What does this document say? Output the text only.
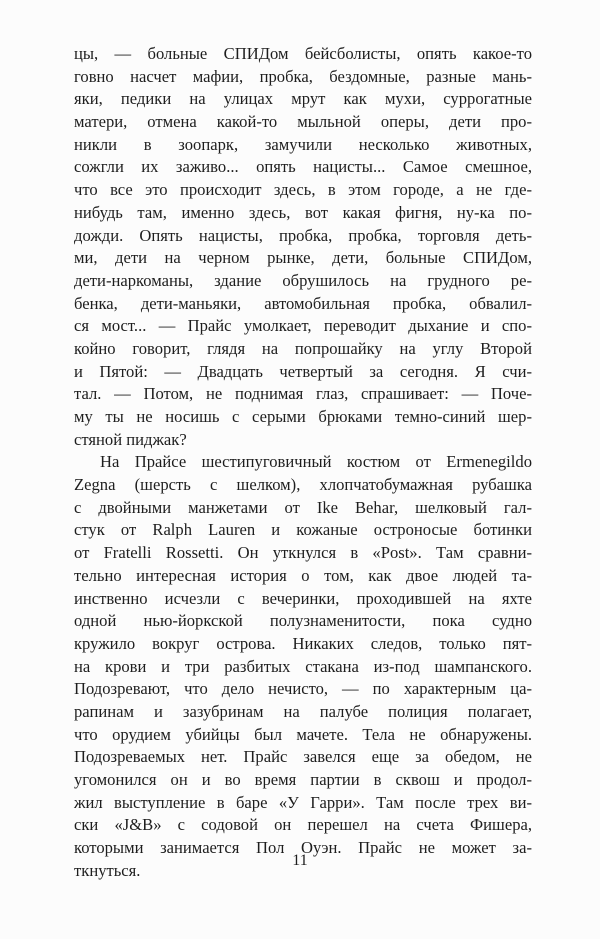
цы, — больные СПИДом бейсболисты, опять какое-то
говно насчет мафии, пробка, бездомные, разные мань-
яки, педики на улицах мрут как мухи, суррогатные
матери, отмена какой-то мыльной оперы, дети про-
никли в зоопарк, замучили несколько животных,
сожгли их заживо... опять нацисты... Самое смешное,
что все это происходит здесь, в этом городе, а не где-
нибудь там, именно здесь, вот какая фигня, ну-ка по-
дожди. Опять нацисты, пробка, пробка, торговля деть-
ми, дети на черном рынке, дети, больные СПИДом,
дети-наркоманы, здание обрушилось на грудного ре-
бенка, дети-маньяки, автомобильная пробка, обвалил-
ся мост... — Прайс умолкает, переводит дыхание и спо-
койно говорит, глядя на попрошайку на углу Второй
и Пятой: — Двадцать четвертый за сегодня. Я счи-
тал. — Потом, не поднимая глаз, спрашивает: — Поче-
му ты не носишь с серыми брюками темно-синий шер-
стяной пиджак?
На Прайсе шестипуговичный костюм от Ermenegildo
Zegna (шерсть с шелком), хлопчатобумажная рубашка
с двойными манжетами от Ike Behar, шелковый гал-
стук от Ralph Lauren и кожаные остроносые ботинки
от Fratelli Rossetti. Он уткнулся в «Post». Там сравни-
тельно интересная история о том, как двое людей та-
инственно исчезли с вечеринки, проходившей на яхте
одной нью-йоркской полузнаменитости, пока судно
кружило вокруг острова. Никаких следов, только пят-
на крови и три разбитых стакана из-под шампанского.
Подозревают, что дело нечисто, — по характерным ца-
рапинам и зазубринам на палубе полиция полагает,
что орудием убийцы был мачете. Тела не обнаружены.
Подозреваемых нет. Прайс завелся еще за обедом, не
угомонился он и во время партии в сквош и продол-
жил выступление в баре «У Гарри». Там после трех ви-
ски «J&B» с содовой он перешел на счета Фишера,
которыми занимается Пол Оуэн. Прайс не может за-
ткнуться.
11
